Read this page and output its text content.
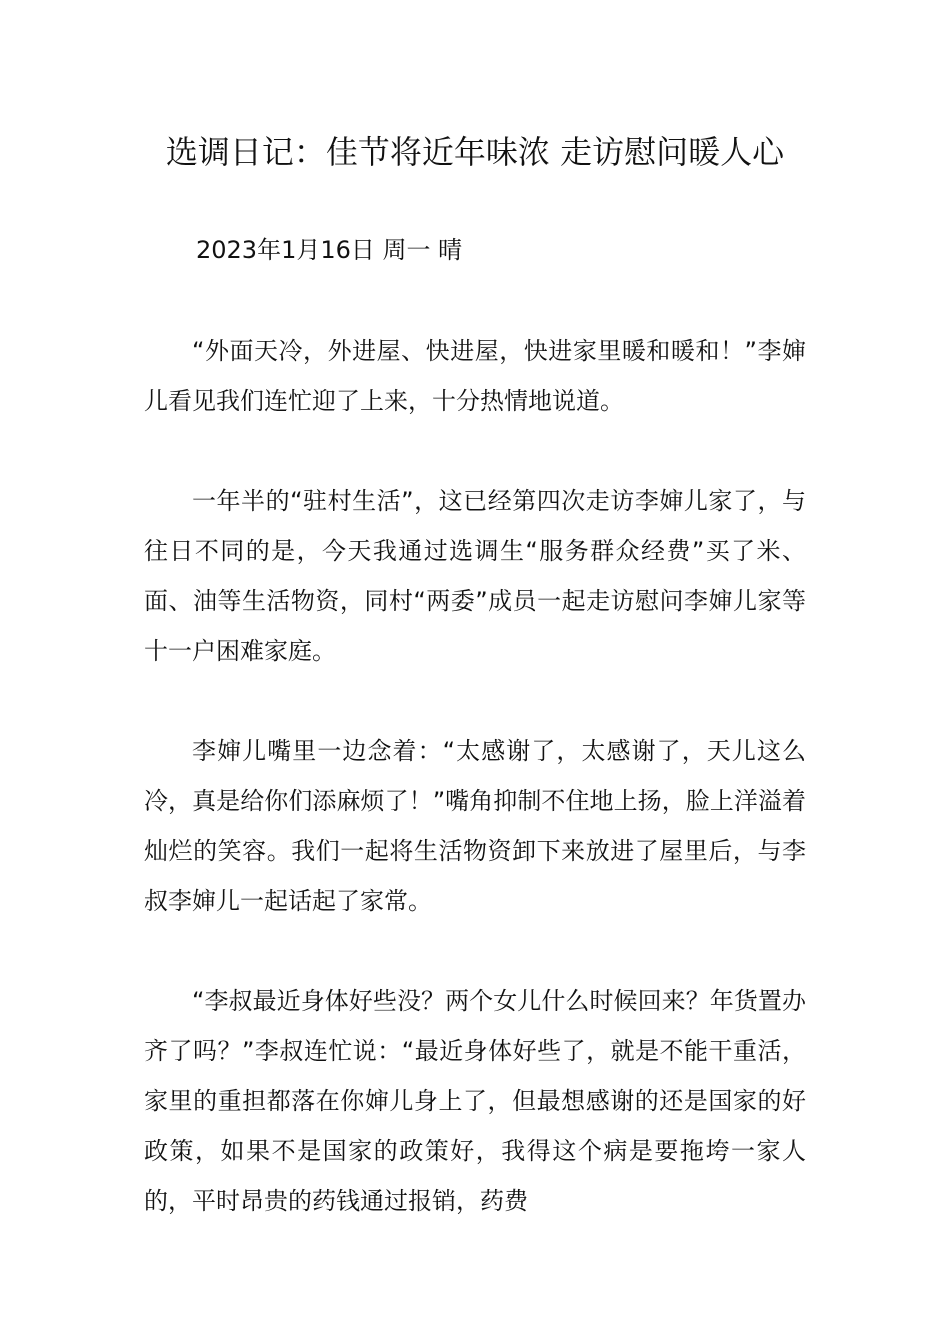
选调日记：佳节将近年味浓 走访慰问暖人心

2023年1月16日 周一 晴

“外面天冷，外进屋、快进屋，快进家里暖和暖和！”李婶儿看见我们连忙迎了上来，十分热情地说道。

一年半的“驻村生活”，这已经第四次走访李婶儿家了，与往日不同的是，今天我通过选调生“服务群众经费”买了米、面、油等生活物资，同村“两委”成员一起走访慰问李婶儿家等十一户困难家庭。

李婶儿嘴里一边念着：“太感谢了，太感谢了，天儿这么冷，真是给你们添麻烦了！”嘴角抑制不住地上扬，脸上洋溢着灿烂的笑容。我们一起将生活物资卸下来放进了屋里后，与李叔李婶儿一起话起了家常。

“李叔最近身体好些没？两个女儿什么时候回来？年货置办齐了吗？”李叔连忙说：“最近身体好些了，就是不能干重活，家里的重担都落在你婶儿身上了，但最想感谢的还是国家的好政策，如果不是国家的政策好，我得这个病是要拖垮一家人的，平时昂贵的药钱通过报销，药费
